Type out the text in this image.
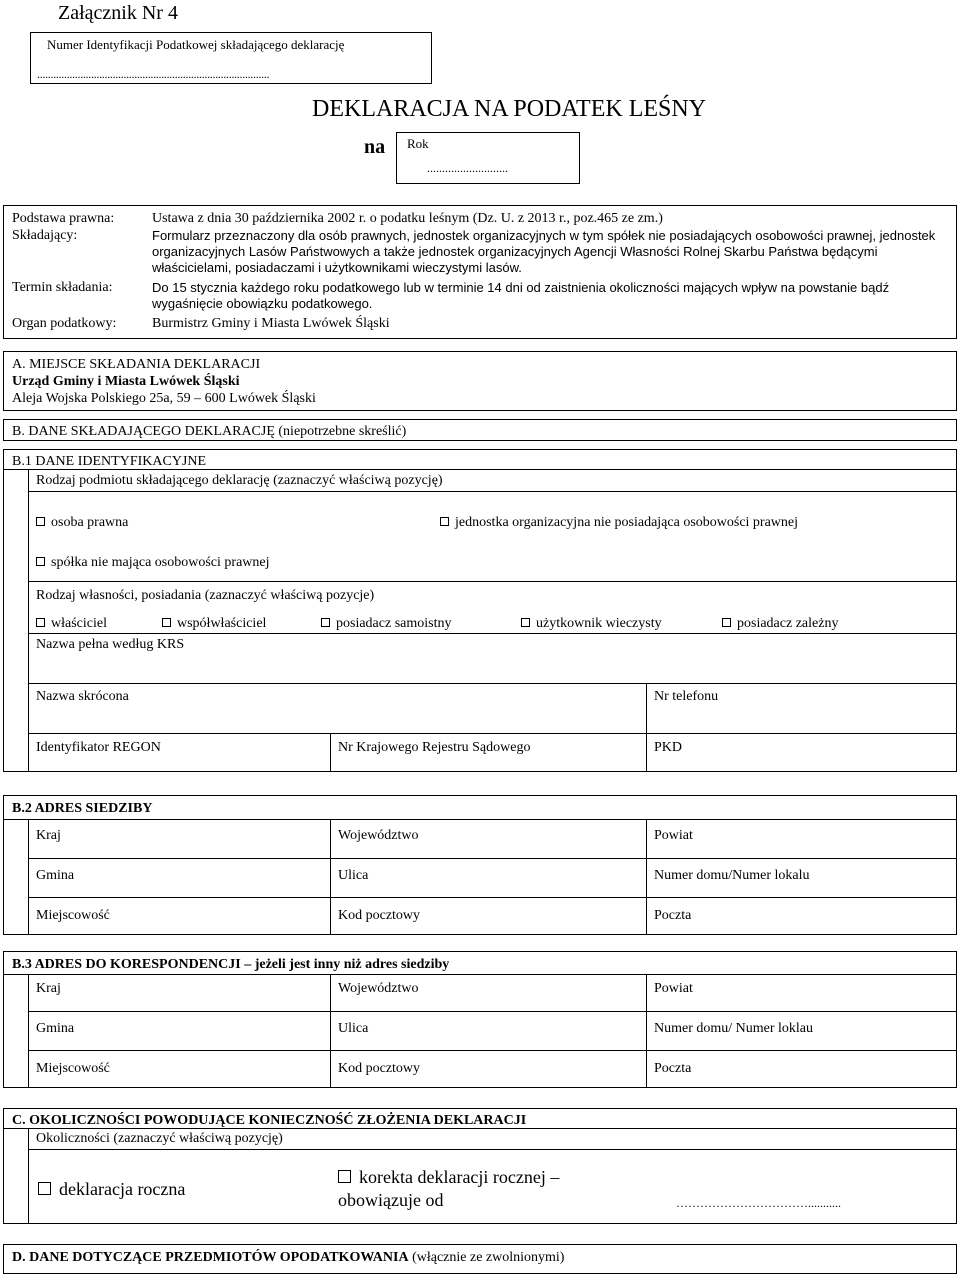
Załącznik Nr 4
Numer Identyfikacji Podatkowej składającego deklarację
......................................................................................
DEKLARACJA NA PODATEK LEŚNY
na Rok
...........................
Podstawa prawna:	Ustawa z dnia 30 października 2002 r. o podatku leśnym (Dz. U. z 2013 r., poz.465 ze zm.)
Składający:	Formularz przeznaczony dla osób prawnych, jednostek organizacyjnych w tym spółek nie posiadających osobowości prawnej, jednostek organizacyjnych Lasów Państwowych a także jednostek organizacyjnych Agencji Własności Rolnej Skarbu Państwa będącymi właścicielami, posiadaczami i użytkownikami wieczystymi lasów.
Termin składania:	Do 15 stycznia każdego roku podatkowego lub w terminie 14 dni od zaistnienia okoliczności mających wpływ na powstanie bądź wygaśnięcie obowiązku podatkowego.
Organ podatkowy:	Burmistrz Gminy i Miasta Lwówek Śląski
A. MIEJSCE SKŁADANIA DEKLARACJI
Urząd Gminy i Miasta Lwówek Śląski
Aleja Wojska Polskiego 25a, 59 – 600 Lwówek Śląski
B. DANE SKŁADAJĄCEGO DEKLARACJĘ (niepotrzebne skreślić)
B.1 DANE IDENTYFIKACYJNE
Rodzaj podmiotu składającego deklarację (zaznaczyć właściwą pozycję)
osoba prawna	jednostka organizacyjna nie posiadająca osobowości prawnej
spółka nie mająca osobowości prawnej
Rodzaj własności, posiadania (zaznaczyć właściwą pozycje)
właściciel	współwłaściciel	posiadacz samoistny	użytkownik wieczysty	posiadacz zależny
Nazwa pełna według KRS
Nazwa skrócona	Nr telefonu
Identyfikator REGON	Nr Krajowego Rejestru Sądowego	PKD
B.2 ADRES SIEDZIBY
Kraj	Województwo	Powiat
Gmina	Ulica	Numer domu/Numer lokalu
Miejscowość	Kod pocztowy	Poczta
B.3 ADRES DO KORESPONDENCJI – jeżeli jest inny niż adres siedziby
Kraj	Województwo	Powiat
Gmina	Ulica	Numer domu/ Numer loklau
Miejscowość	Kod pocztowy	Poczta
C. OKOLICZNOŚCI POWODUJĄCE KONIECZNOŚĆ ZŁOŻENIA DEKLARACJI
Okoliczności (zaznaczyć właściwą pozycję)
deklaracja roczna
korekta deklaracji rocznej –
obowiązuje od	……………………………...........
D. DANE DOTYCZĄCE PRZEDMIOTÓW OPODATKOWANIA (włącznie ze zwolnionymi)
